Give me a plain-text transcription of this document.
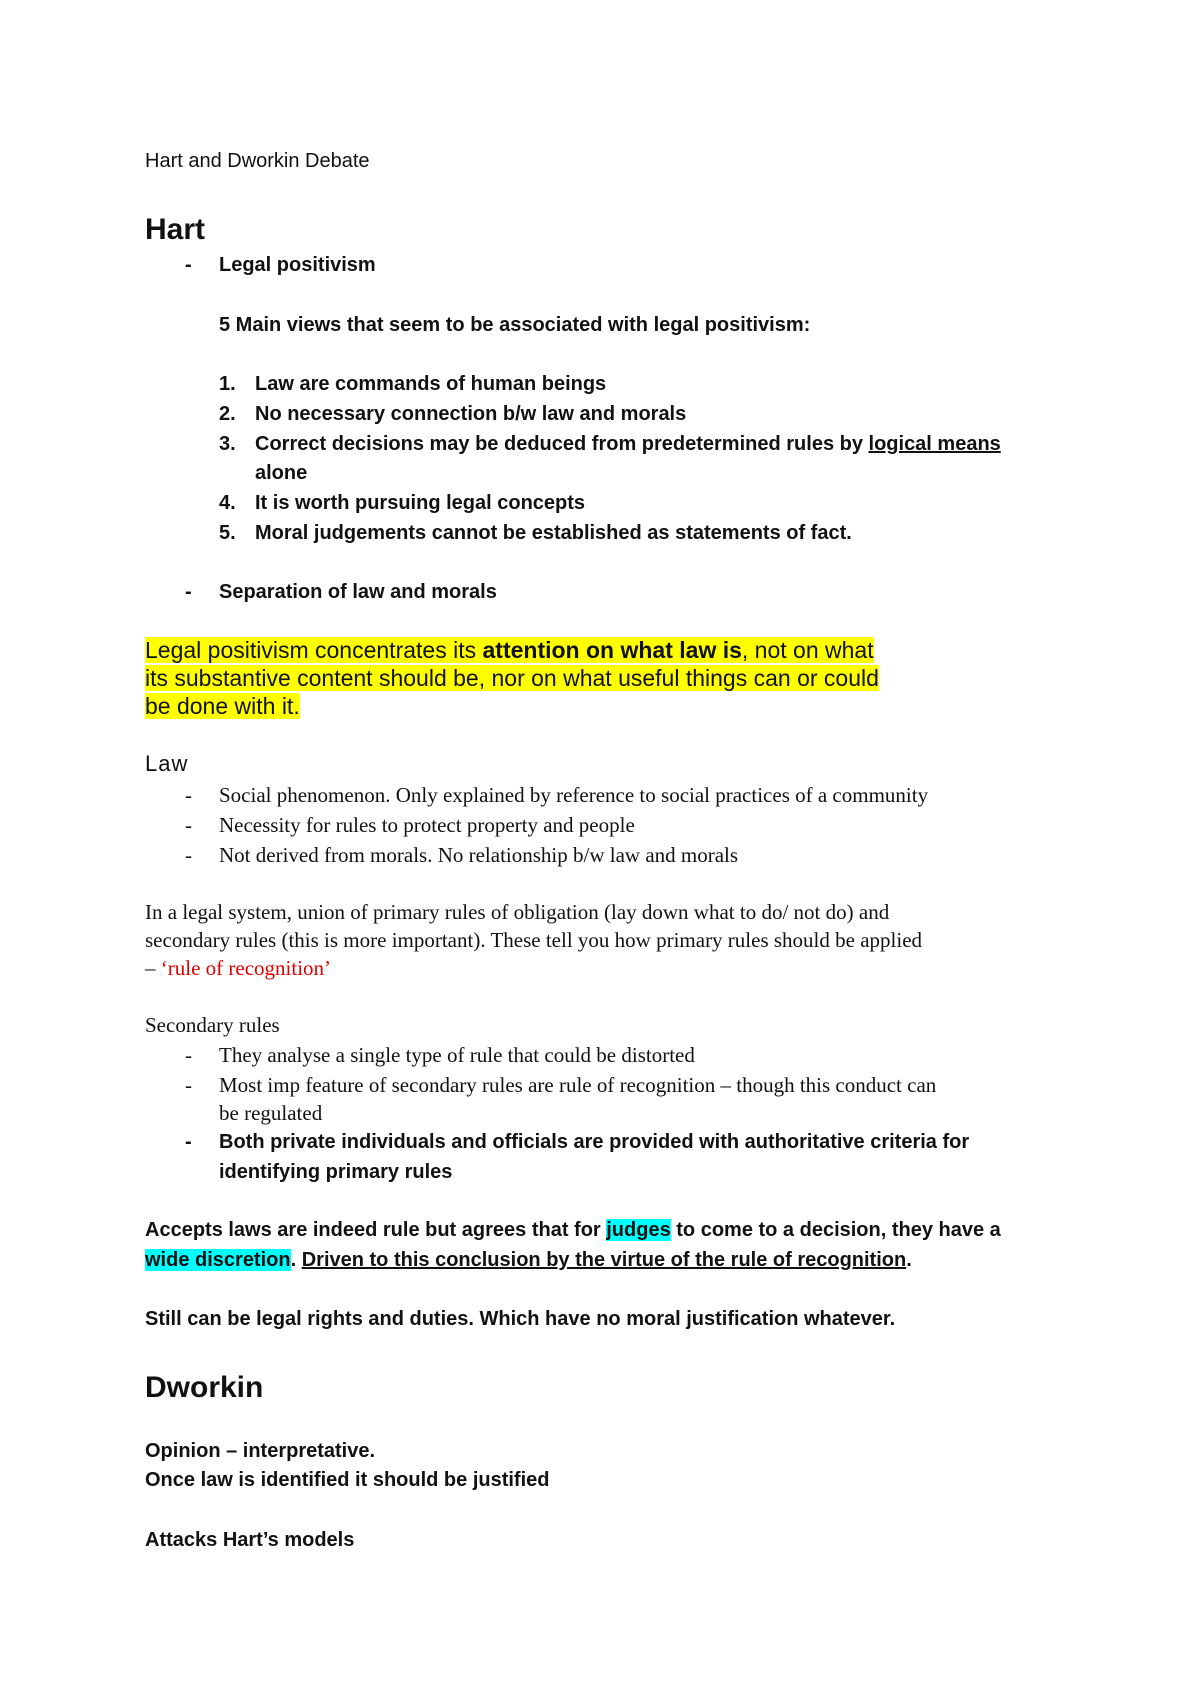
Hart and Dworkin Debate
Hart
- Legal positivism
5 Main views that seem to be associated with legal positivism:
1. Law are commands of human beings
2. No necessary connection b/w law and morals
3. Correct decisions may be deduced from predetermined rules by logical means
alone
4. It is worth pursuing legal concepts
5. Moral judgements cannot be established as statements of fact.
- Separation of law and morals
Legal positivism concentrates its attention on what law is, not on what
its substantive content should be, nor on what useful things can or could
be done with it.
Law
- Social phenomenon. Only explained by reference to social practices of a community
- Necessity for rules to protect property and people
- Not derived from morals. No relationship b/w law and morals
In a legal system, union of primary rules of obligation (lay down what to do/ not do) and
secondary rules (this is more important). These tell you how primary rules should be applied
– ‘rule of recognition’
Secondary rules
- They analyse a single type of rule that could be distorted
- Most imp feature of secondary rules are rule of recognition – though this conduct can
be regulated
- Both private individuals and officials are provided with authoritative criteria for
identifying primary rules
Accepts laws are indeed rule but agrees that for judges to come to a decision, they have a
wide discretion. Driven to this conclusion by the virtue of the rule of recognition.
Still can be legal rights and duties. Which have no moral justification whatever.
Dworkin
Opinion – interpretative.
Once law is identified it should be justified
Attacks Hart’s models
